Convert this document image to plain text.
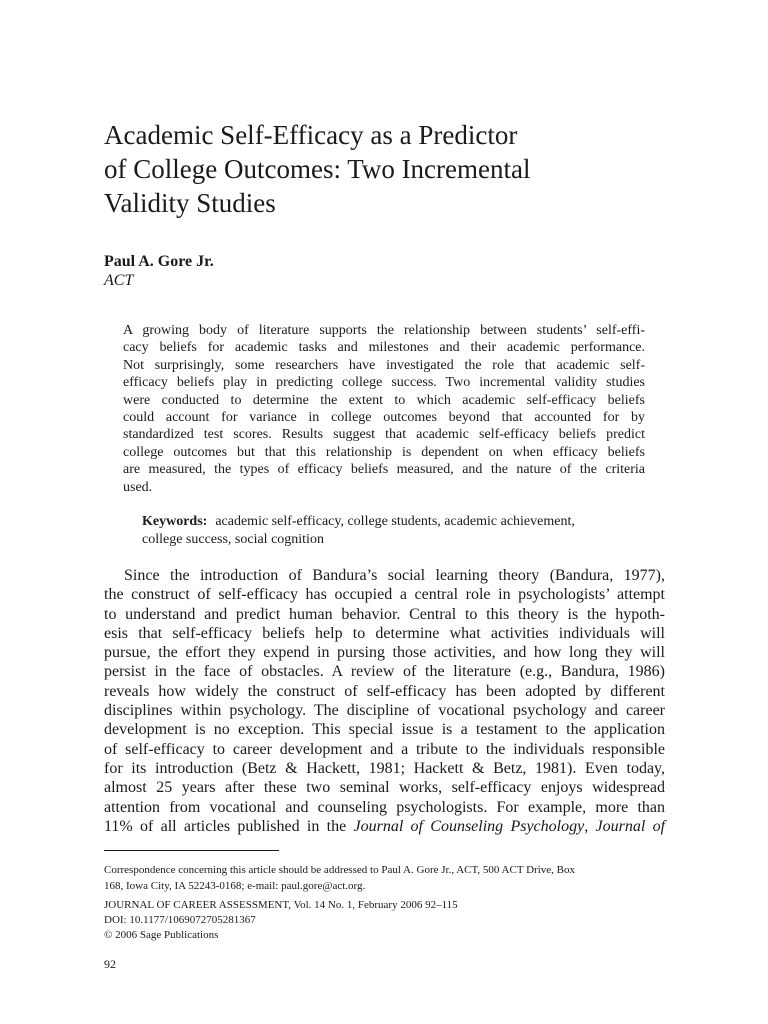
Academic Self-Efficacy as a Predictor
of College Outcomes: Two Incremental
Validity Studies
Paul A. Gore Jr.
ACT
A growing body of literature supports the relationship between students’ self-effi-
cacy beliefs for academic tasks and milestones and their academic performance.
Not surprisingly, some researchers have investigated the role that academic self-
efficacy beliefs play in predicting college success. Two incremental validity studies
were conducted to determine the extent to which academic self-efficacy beliefs
could account for variance in college outcomes beyond that accounted for by
standardized test scores. Results suggest that academic self-efficacy beliefs predict
college outcomes but that this relationship is dependent on when efficacy beliefs
are measured, the types of efficacy beliefs measured, and the nature of the criteria
used.
Keywords: academic self-efficacy, college students, academic achievement,
college success, social cognition
Since the introduction of Bandura’s social learning theory (Bandura, 1977),
the construct of self-efficacy has occupied a central role in psychologists’ attempt
to understand and predict human behavior. Central to this theory is the hypoth-
esis that self-efficacy beliefs help to determine what activities individuals will
pursue, the effort they expend in pursing those activities, and how long they will
persist in the face of obstacles. A review of the literature (e.g., Bandura, 1986)
reveals how widely the construct of self-efficacy has been adopted by different
disciplines within psychology. The discipline of vocational psychology and career
development is no exception. This special issue is a testament to the application
of self-efficacy to career development and a tribute to the individuals responsible
for its introduction (Betz & Hackett, 1981; Hackett & Betz, 1981). Even today,
almost 25 years after these two seminal works, self-efficacy enjoys widespread
attention from vocational and counseling psychologists. For example, more than
11% of all articles published in the Journal of Counseling Psychology, Journal of
Correspondence concerning this article should be addressed to Paul A. Gore Jr., ACT, 500 ACT Drive, Box
168, Iowa City, IA 52243-0168; e-mail: paul.gore@act.org.
JOURNAL OF CAREER ASSESSMENT, Vol. 14 No. 1, February 2006 92–115
DOI: 10.1177/1069072705281367
© 2006 Sage Publications
92
